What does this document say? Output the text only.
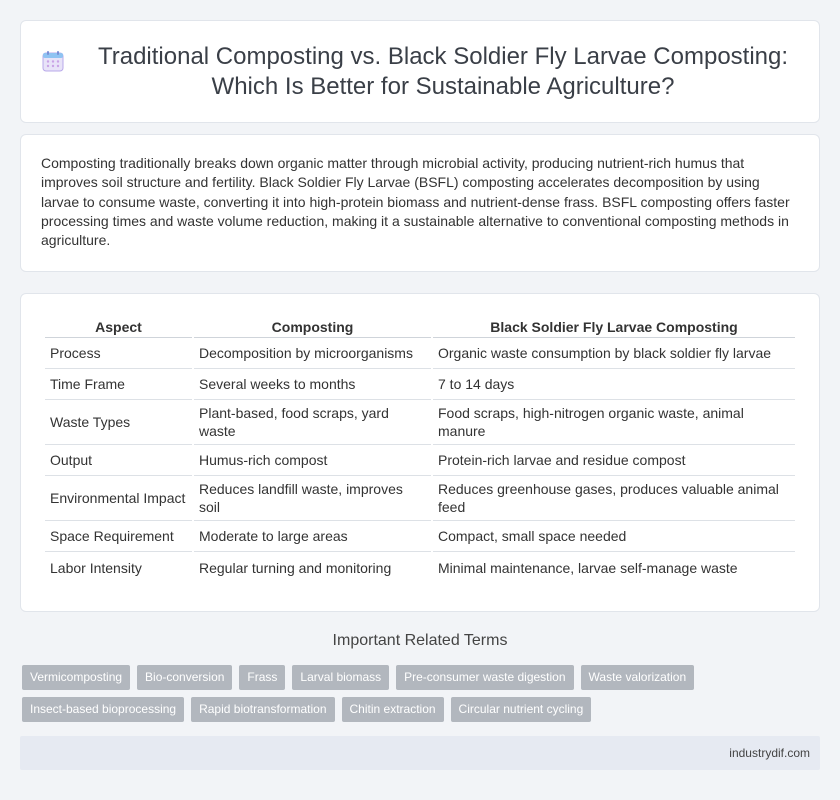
Traditional Composting vs. Black Soldier Fly Larvae Composting: Which Is Better for Sustainable Agriculture?

Composting traditionally breaks down organic matter through microbial activity, producing nutrient-rich humus that improves soil structure and fertility. Black Soldier Fly Larvae (BSFL) composting accelerates decomposition by using larvae to consume waste, converting it into high-protein biomass and nutrient-dense frass. BSFL composting offers faster processing times and waste volume reduction, making it a sustainable alternative to conventional composting methods in agriculture.

Aspect	Composting	Black Soldier Fly Larvae Composting
Process	Decomposition by microorganisms	Organic waste consumption by black soldier fly larvae
Time Frame	Several weeks to months	7 to 14 days
Waste Types	Plant-based, food scraps, yard waste	Food scraps, high-nitrogen organic waste, animal manure
Output	Humus-rich compost	Protein-rich larvae and residue compost
Environmental Impact	Reduces landfill waste, improves soil	Reduces greenhouse gases, produces valuable animal feed
Space Requirement	Moderate to large areas	Compact, small space needed
Labor Intensity	Regular turning and monitoring	Minimal maintenance, larvae self-manage waste
Important Related Terms
Vermicomposting	Bio-conversion	Frass	Larval biomass	Pre-consumer waste digestion	Waste valorization
Insect-based bioprocessing	Rapid biotransformation	Chitin extraction	Circular nutrient cycling
industrydif.com
